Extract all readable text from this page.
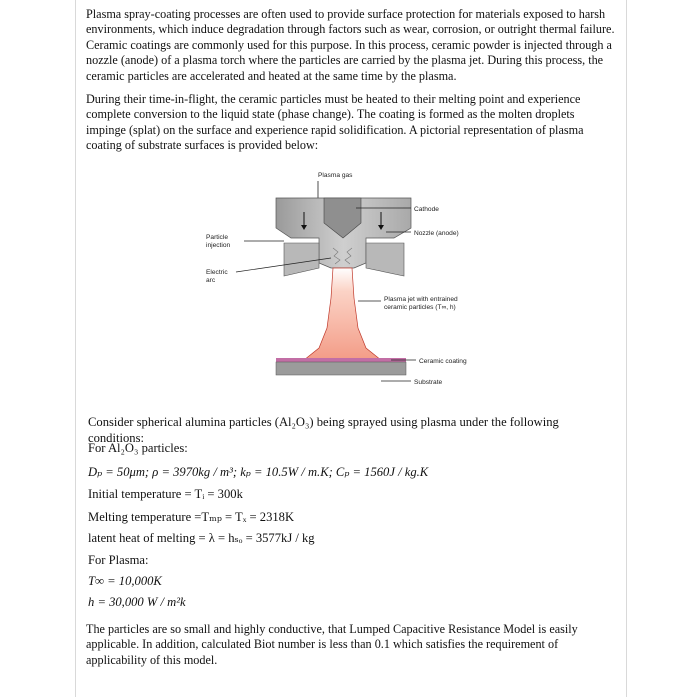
Plasma spray-coating processes are often used to provide surface protection for materials exposed to harsh environments, which induce degradation through factors such as wear, corrosion, or outright thermal failure. Ceramic coatings are commonly used for this purpose. In this process, ceramic powder is injected through a nozzle (anode) of a plasma torch where the particles are carried by the plasma jet. During this process, the ceramic particles are accelerated and heated at the same time by the plasma.

During their time-in-flight, the ceramic particles must be heated to their melting point and experience complete conversion to the liquid state (phase change). The coating is formed as the molten droplets impinge (splat) on the surface and experience rapid solidification. A pictorial representation of plasma coating of substrate surfaces is provided below:

Plasma gas
Cathode
Nozzle (anode)
Particle
injection
Electric
arc
Plasma jet with entrained
ceramic particles (T∞, h)
Ceramic coating
Substrate
Consider spherical alumina particles (Al₂O₃) being sprayed using plasma under the following conditions:
For Al₂O₃ particles:
Dₚ = 50μm; ρ = 3970kg / m³; kₚ = 10.5W / m.K; Cₚ = 1560J / kg.K
Initial temperature = Tᵢ = 300k
Melting temperature =Tₘₚ = Tₓ = 2318K
latent heat of melting = λ = hₛₒ = 3577kJ / kg
For Plasma:
T∞ = 10,000K
h = 30,000 W / m²k

The particles are so small and highly conductive, that Lumped Capacitive Resistance Model is easily applicable. In addition, calculated Biot number is less than 0.1 which satisfies the requirement of applicability of this model.
